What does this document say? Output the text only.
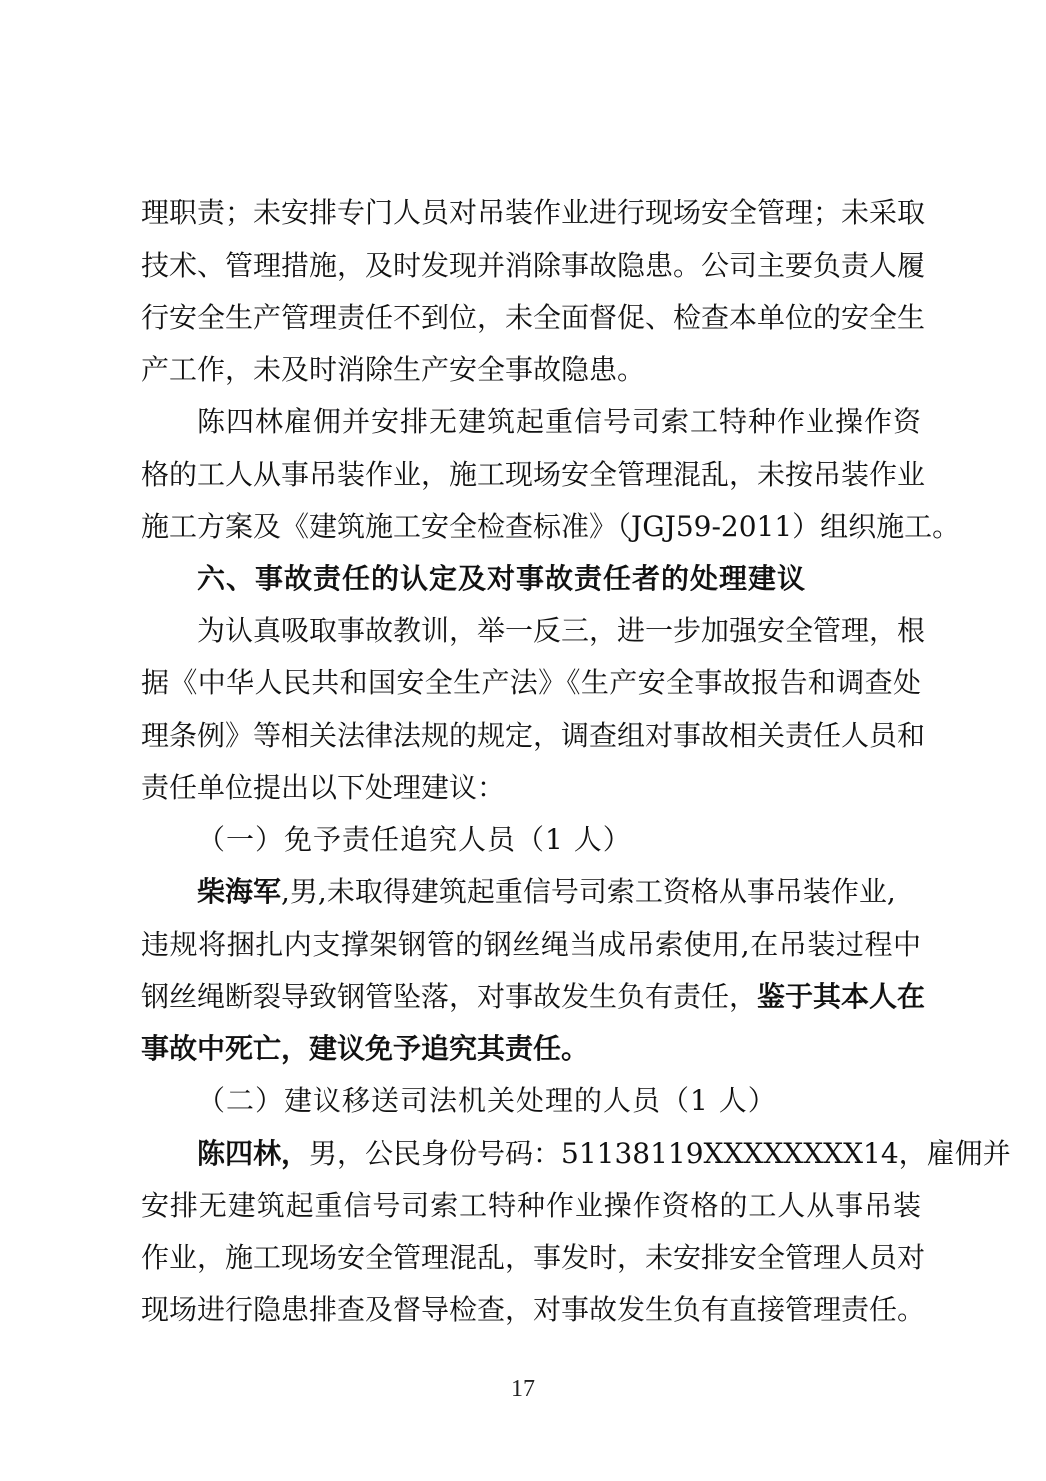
理职责；未安排专门人员对吊装作业进行现场安全管理；未采取
技术、管理措施，及时发现并消除事故隐患。公司主要负责人履
行安全生产管理责任不到位，未全面督促、检查本单位的安全生
产工作，未及时消除生产安全事故隐患。
陈四林雇佣并安排无建筑起重信号司索工特种作业操作资
格的工人从事吊装作业，施工现场安全管理混乱，未按吊装作业
施工方案及《建筑施工安全检查标准》（JGJ59-2011）组织施工。
六、事故责任的认定及对事故责任者的处理建议
为认真吸取事故教训，举一反三，进一步加强安全管理，根
据《中华人民共和国安全生产法》《生产安全事故报告和调查处
理条例》等相关法律法规的规定，调查组对事故相关责任人员和
责任单位提出以下处理建议：
（一）免予责任追究人员（1 人）
柴海军,男,未取得建筑起重信号司索工资格从事吊装作业,
违规将捆扎内支撑架钢管的钢丝绳当成吊索使用,在吊装过程中
钢丝绳断裂导致钢管坠落，对事故发生负有责任，鉴于其本人在
事故中死亡，建议免予追究其责任。
（二）建议移送司法机关处理的人员（1 人）
陈四林，男，公民身份号码：51138119XXXXXXXX14，雇佣并
安排无建筑起重信号司索工特种作业操作资格的工人从事吊装
作业，施工现场安全管理混乱，事发时，未安排安全管理人员对
现场进行隐患排查及督导检查，对事故发生负有直接管理责任。
17
